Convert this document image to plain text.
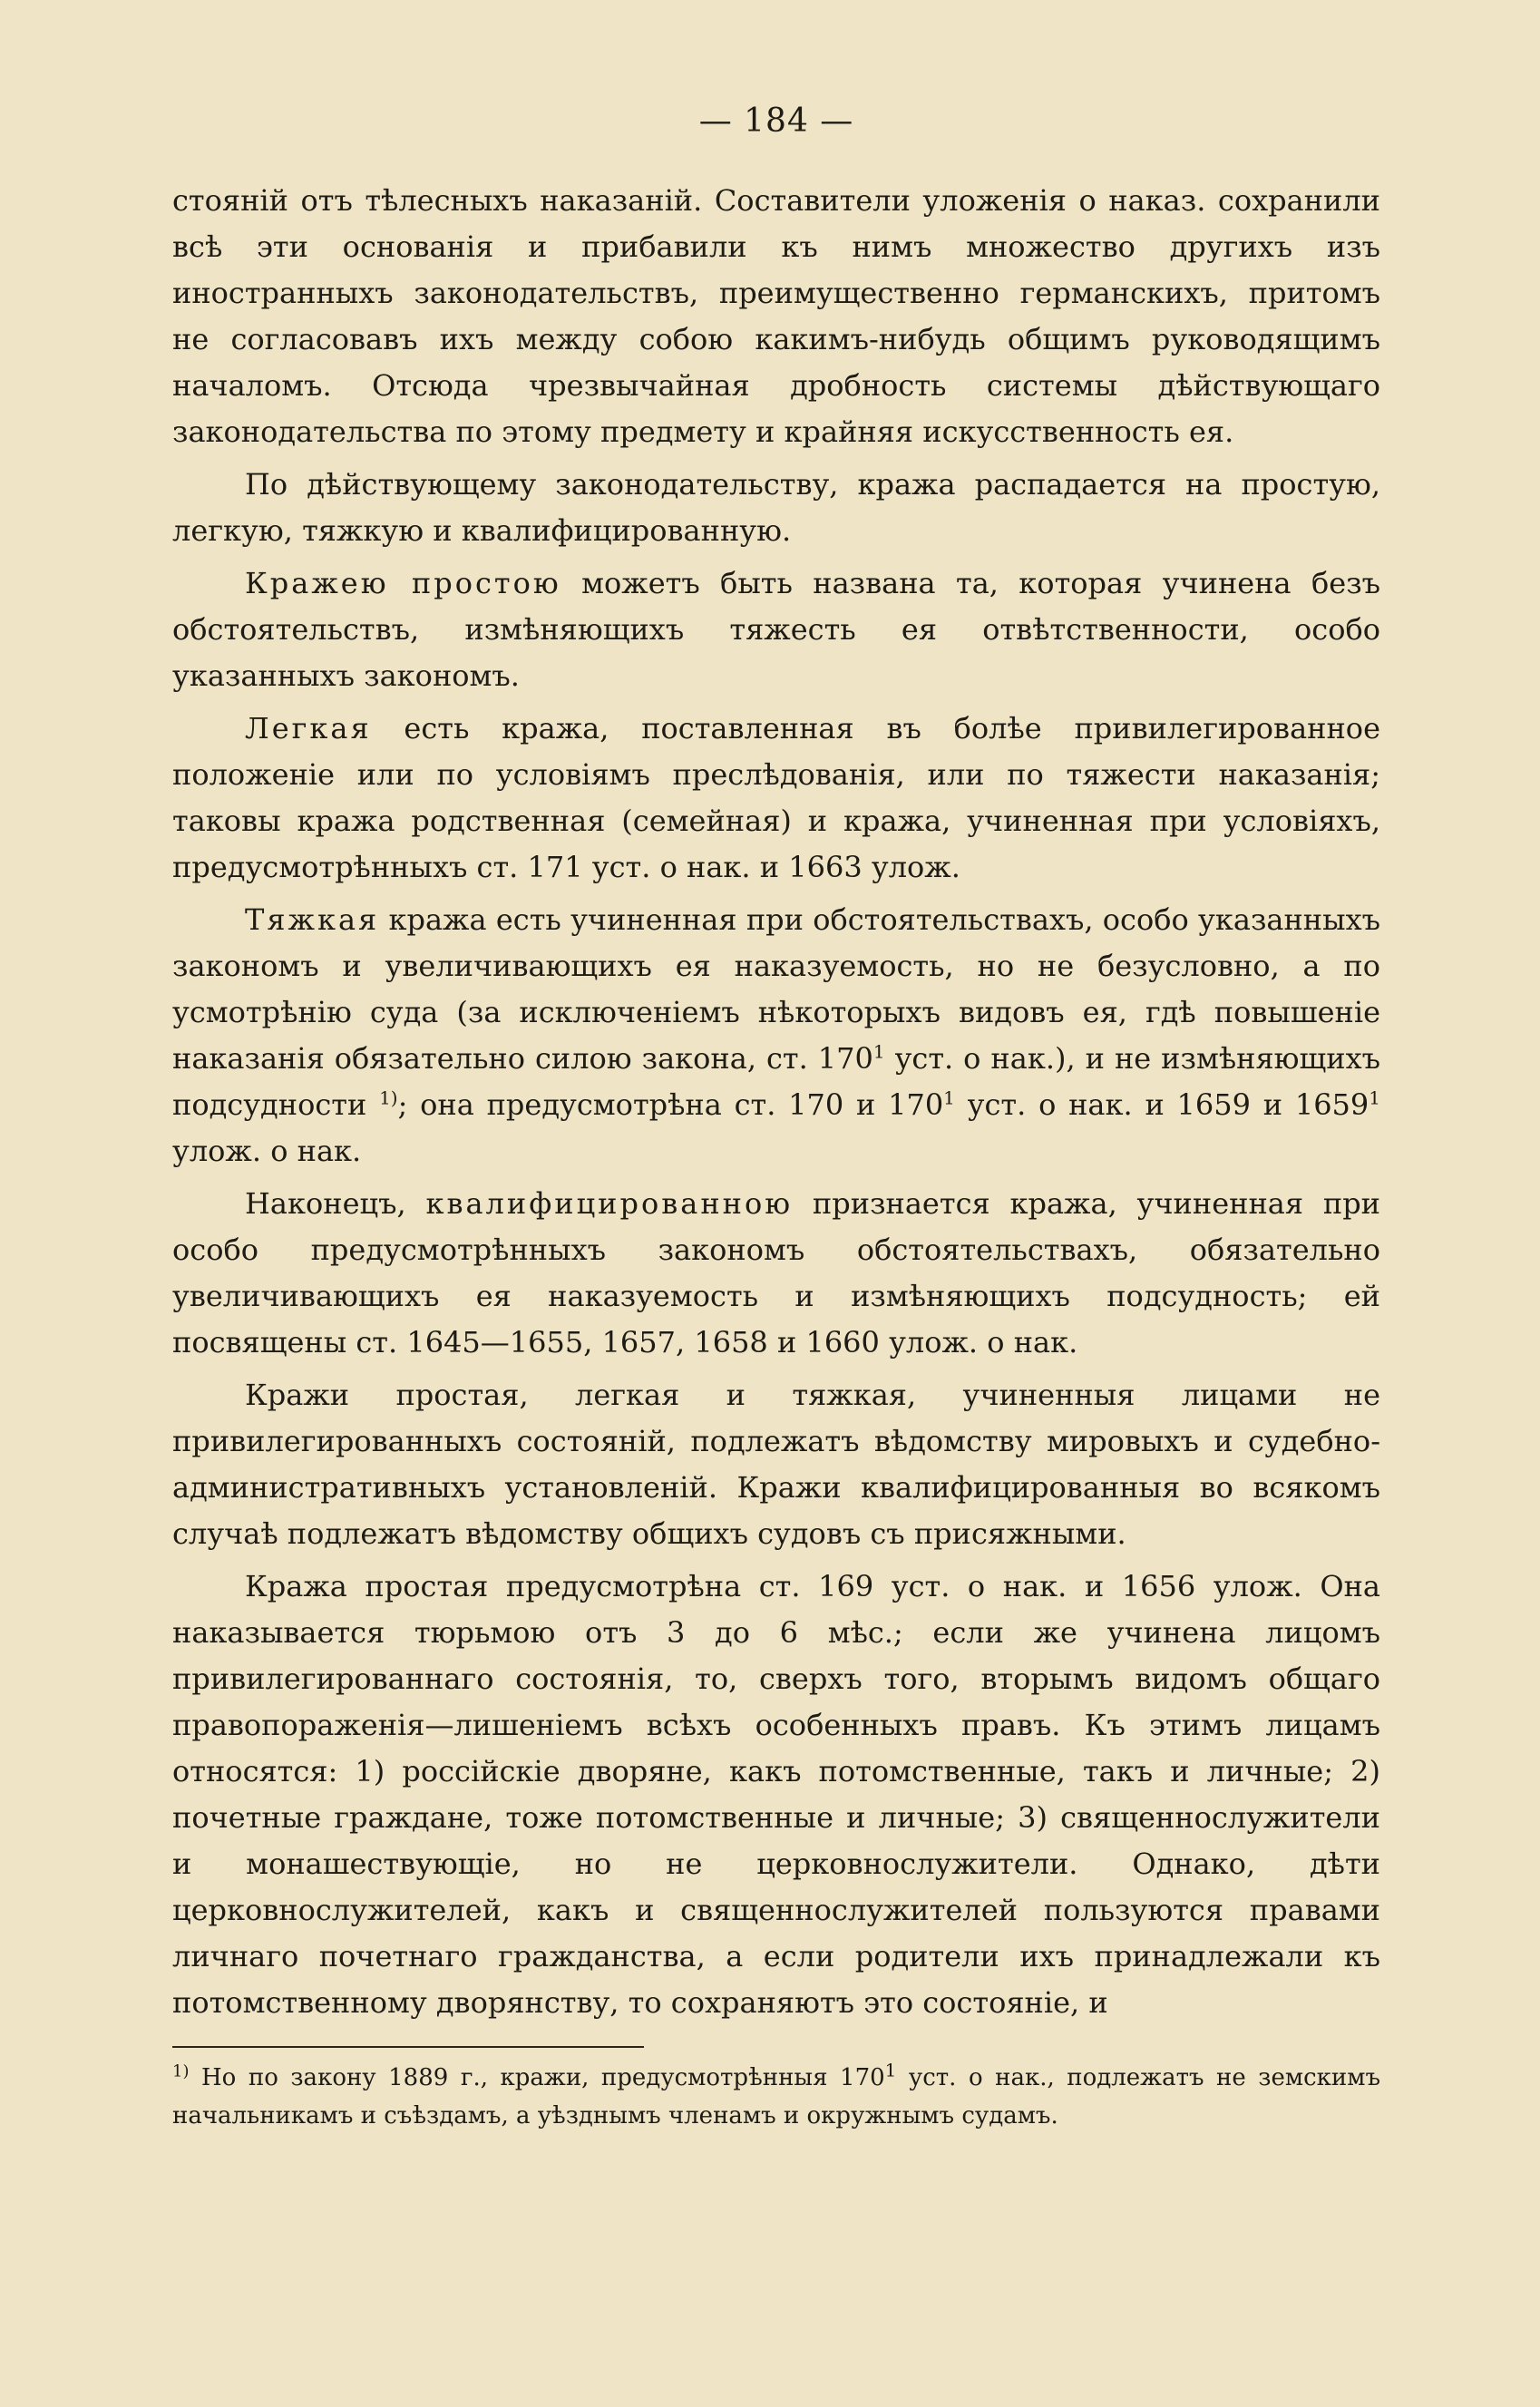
— 184 —

стояній отъ тѣлесныхъ наказаній. Составители уложенія о наказ. сохранили всѣ эти основанія и прибавили къ нимъ множество другихъ изъ иностранныхъ законодательствъ, преимущественно германскихъ, притомъ не согласовавъ ихъ между собою какимъ-нибудь общимъ руководящимъ началомъ. Отсюда чрезвычайная дробность системы дѣйствующаго законодательства по этому предмету и крайняя искусственность ея.

По дѣйствующему законодательству, кража распадается на простую, легкую, тяжкую и квалифицированную.

Кражею простою можетъ быть названа та, которая учинена безъ обстоятельствъ, измѣняющихъ тяжесть ея отвѣтственности, особо указанныхъ закономъ.

Легкая есть кража, поставленная въ болѣе привилегированное положеніе или по условіямъ преслѣдованія, или по тяжести наказанія; таковы кража родственная (семейная) и кража, учиненная при условіяхъ, предусмотрѣнныхъ ст. 171 уст. о нак. и 1663 улож.

Тяжкая кража есть учиненная при обстоятельствахъ, особо указанныхъ закономъ и увеличивающихъ ея наказуемость, но не безусловно, а по усмотрѣнію суда (за исключеніемъ нѣкоторыхъ видовъ ея, гдѣ повышеніе наказанія обязательно силою закона, ст. $170^1$ уст. о нак.), и не измѣняющихъ подсудности $^{1)}$; она предусмотрѣна ст. 170 и $170^1$ уст. о нак. и 1659 и 1659$^1$ улож. о нак.

Наконецъ, квалифицированною признается кража, учиненная при особо предусмотрѣнныхъ закономъ обстоятельствахъ, обязательно увеличивающихъ ея наказуемость и измѣняющихъ подсудность; ей посвящены ст. 1645—1655, 1657, 1658 и 1660 улож. о нак.

Кражи простая, легкая и тяжкая, учиненныя лицами не привилегированныхъ состояній, подлежатъ вѣдомству мировыхъ и судебно-административныхъ установленій. Кражи квалифицированныя во всякомъ случаѣ подлежатъ вѣдомству общихъ судовъ съ присяжными.

Кража простая предусмотрѣна ст. 169 уст. о нак. и 1656 улож. Она наказывается тюрьмою отъ 3 до 6 мѣс.; если же учинена лицомъ привилегированнаго состоянія, то, сверхъ того, вторымъ видомъ общаго правопораженія—лишеніемъ всѣхъ особенныхъ правъ. Къ этимъ лицамъ относятся: 1) россійскіе дворяне, какъ потомственные, такъ и личные; 2) почетные граждане, тоже потомственные и личные; 3) священнослужители и монашествующіе, но не церковнослужители. Однако, дѣти церковнослужителей, какъ и священнослужителей пользуются правами личнаго почетнаго гражданства, а если родители ихъ принадлежали къ потомственному дворянству, то сохраняютъ это состояніе, и

$^{1)}$ Но по закону 1889 г., кражи, предусмотрѣнныя $170^1$ уст. о нак., подлежатъ не земскимъ начальникамъ и съѣздамъ, а уѣзднымъ членамъ и окружнымъ судамъ.
